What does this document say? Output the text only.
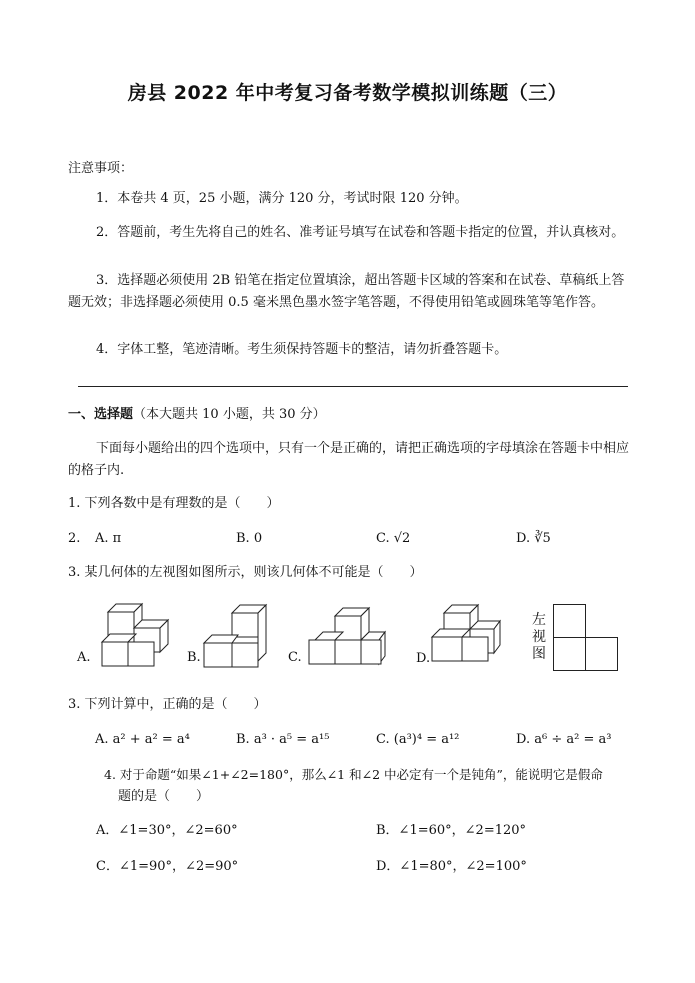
房县 2022 年中考复习备考数学模拟训练题（三）
注意事项：
1．本卷共 4 页，25 小题，满分 120 分，考试时限 120 分钟。
2．答题前，考生先将自己的姓名、准考证号填写在试卷和答题卡指定的位置，并认真核对。
3．选择题必须使用 2B 铅笔在指定位置填涂，超出答题卡区域的答案和在试卷、草稿纸上答题无效；非选择题必须使用 0.5 毫米黑色墨水签字笔答题，不得使用铅笔或圆珠笔等笔作答。
4．字体工整，笔迹清晰。考生须保持答题卡的整洁，请勿折叠答题卡。
一、选择题（本大题共 10 小题，共 30 分）
下面每小题给出的四个选项中，只有一个是正确的，请把正确选项的字母填涂在答题卡中相应的格子内.
1. 下列各数中是有理数的是（　　）
2. A. π	B. 0	C. √2	D. ∛5
3. 某几何体的左视图如图所示，则该几何体不可能是（　　）
A.	B.	C.	D.
左视图
3. 下列计算中，正确的是（　　）
A. a² + a² = a⁴	B. a³ · a⁵ = a¹⁵	C. (a³)⁴ = a¹²	D. a⁶ ÷ a² = a³
4. 对于命题“如果∠1+∠2=180°，那么∠1 和∠2 中必定有一个是钝角”，能说明它是假命
题的是（　　）
A．∠1=30°，∠2=60°	B．∠1=60°，∠2=120°
C．∠1=90°，∠2=90°	D．∠1=80°，∠2=100°
